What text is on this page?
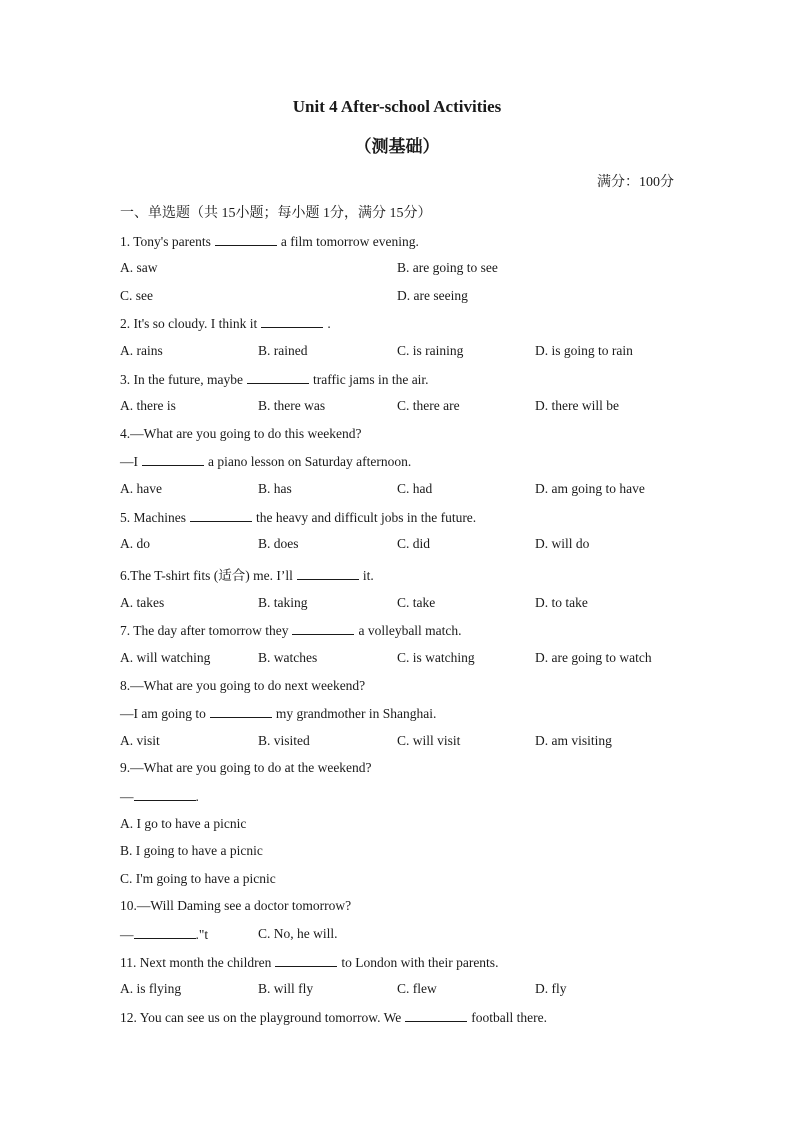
Unit 4 After-school Activities
（测基础）
满分：100分
一、单选题（共 15小题；每小题 1分，满分 15分）
1. Tony's parents	a film tomorrow evening.
A. saw	B. are going to see
C. see	D. are seeing
2. It's so cloudy. I think it	.
A. rains	B. rained	C. is raining	D. is going to rain
3. In the future, maybe	traffic jams in the air.
A. there is	B. there was	C. there are	D. there will be
4.—What are you going to do this weekend?
—I	a piano lesson on Saturday afternoon.
A. have	B. has	C. had	D. am going to have
5. Machines	the heavy and difficult jobs in the future.
A. do	B. does	C. did	D. will do
6.The T-shirt fits (适合) me. I’ll	it.
A. takes	B. taking	C. take	D. to take
7. The day after tomorrow they	a volleyball match.
A. will watching	B. watches	C. is watching	D. are going to watch
8.—What are you going to do next weekend?
—I am going to	my grandmother in Shanghai.
A. visit	B. visited	C. will visit	D. am visiting
9.—What are you going to do at the weekend?
—	.
A. I go to have a picnic
B. I going to have a picnic
C. I'm going to have a picnic
10.—Will Daming see a doctor tomorrow?
—	."t	C. No, he will.
11. Next month the children	to London with their parents.
A. is flying	B. will fly	C. flew	D. fly
12. You can see us on the playground tomorrow. We	football there.
